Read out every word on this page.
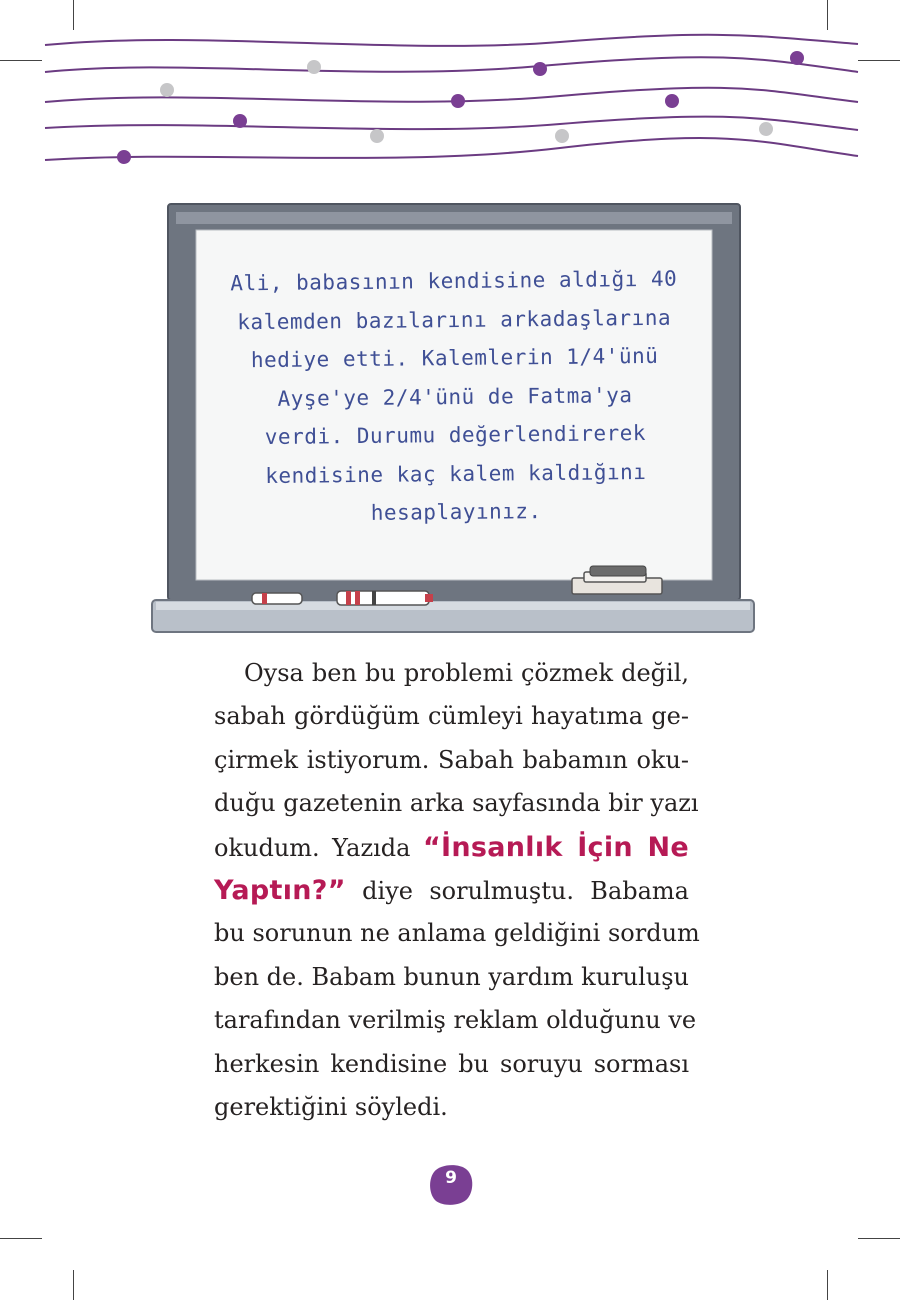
Ali, babasının kendisine aldığı 40
kalemden bazılarını arkadaşlarına
hediye etti. Kalemlerin 1/4'ünü
Ayşe'ye 2/4'ünü de Fatma'ya
verdi. Durumu değerlendirerek
kendisine kaç kalem kaldığını
hesaplayınız.
Oysa ben bu problemi çözmek değil,
sabah gördüğüm cümleyi hayatıma ge-
çirmek istiyorum. Sabah babamın oku-
duğu gazetenin arka sayfasında bir yazı
okudum. Yazıda “İnsanlık İçin Ne
Yaptın?” diye sorulmuştu. Babama
bu sorunun ne anlama geldiğini sordum
ben de. Babam bunun yardım kuruluşu
tarafından verilmiş reklam olduğunu ve
herkesin kendisine bu soruyu sorması
gerektiğini söyledi.
9
